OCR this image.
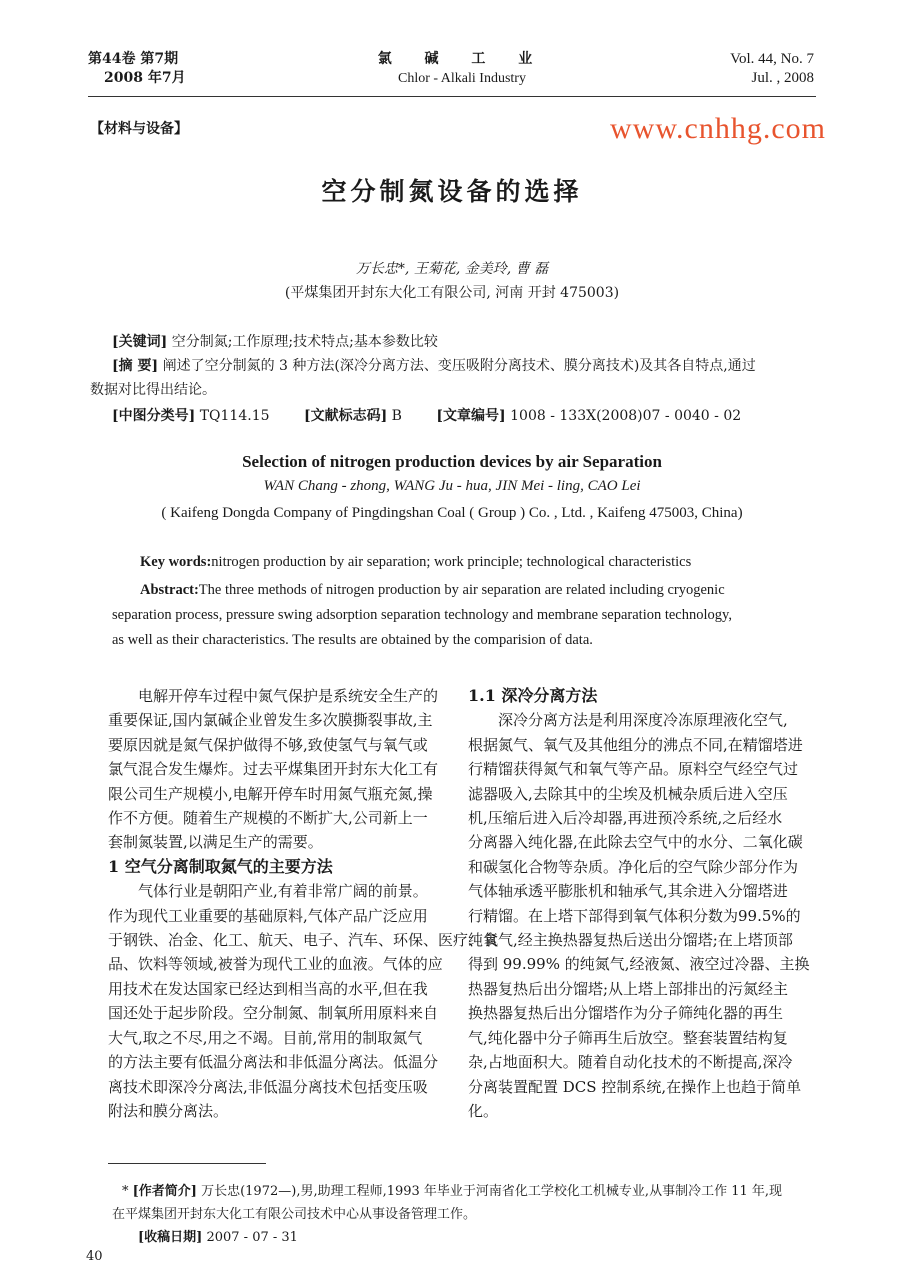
第44卷 第7期
2008 年7月
氯 碱 工 业
Chlor - Alkali Industry
Vol. 44, No. 7
Jul. , 2008
【材料与设备】	www.cnhhg.com
空分制氮设备的选择
万长忠*, 王菊花, 金美玲, 曹 磊
(平煤集团开封东大化工有限公司, 河南 开封 475003)
[关键词] 空分制氮;工作原理;技术特点;基本参数比较
[摘 要] 阐述了空分制氮的 3 种方法(深冷分离方法、变压吸附分离技术、膜分离技术)及其各自特点,通过
数据对比得出结论。
[中图分类号] TQ114.15 [文献标志码] B [文章编号] 1008 - 133X(2008)07 - 0040 - 02
Selection of nitrogen production devices by air Separation
WAN Chang - zhong, WANG Ju - hua, JIN Mei - ling, CAO Lei
( Kaifeng Dongda Company of Pingdingshan Coal ( Group ) Co. , Ltd. , Kaifeng 475003, China)
Key words:nitrogen production by air separation; work principle; technological characteristics
Abstract:The three methods of nitrogen production by air separation are related including cryogenic
separation process, pressure swing adsorption separation technology and membrane separation technology,
as well as their characteristics. The results are obtained by the comparision of data.
电解开停车过程中氮气保护是系统安全生产的
重要保证,国内氯碱企业曾发生多次膜撕裂事故,主
要原因就是氮气保护做得不够,致使氢气与氧气或
氯气混合发生爆炸。过去平煤集团开封东大化工有
限公司生产规模小,电解开停车时用氮气瓶充氮,操
作不方便。随着生产规模的不断扩大,公司新上一
套制氮装置,以满足生产的需要。
1 空气分离制取氮气的主要方法
气体行业是朝阳产业,有着非常广阔的前景。
作为现代工业重要的基础原料,气体产品广泛应用
于钢铁、冶金、化工、航天、电子、汽车、环保、医疗、食
品、饮料等领域,被誉为现代工业的血液。气体的应
用技术在发达国家已经达到相当高的水平,但在我
国还处于起步阶段。空分制氮、制氧所用原料来自
大气,取之不尽,用之不竭。目前,常用的制取氮气
的方法主要有低温分离法和非低温分离法。低温分
离技术即深冷分离法,非低温分离技术包括变压吸
附法和膜分离法。
1.1 深冷分离方法
深冷分离方法是利用深度冷冻原理液化空气,
根据氮气、氧气及其他组分的沸点不同,在精馏塔进
行精馏获得氮气和氧气等产品。原料空气经空气过
滤器吸入,去除其中的尘埃及机械杂质后进入空压
机,压缩后进入后冷却器,再进预冷系统,之后经水
分离器入纯化器,在此除去空气中的水分、二氧化碳
和碳氢化合物等杂质。净化后的空气除少部分作为
气体轴承透平膨胀机和轴承气,其余进入分馏塔进
行精馏。在上塔下部得到氧气体积分数为99.5%的
纯氧气,经主换热器复热后送出分馏塔;在上塔顶部
得到 99.99% 的纯氮气,经液氮、液空过冷器、主换
热器复热后出分馏塔;从上塔上部排出的污氮经主
换热器复热后出分馏塔作为分子筛纯化器的再生
气,纯化器中分子筛再生后放空。整套装置结构复
杂,占地面积大。随着自动化技术的不断提高,深冷
分离装置配置 DCS 控制系统,在操作上也趋于简单
化。
* [作者简介] 万长忠(1972—),男,助理工程师,1993 年毕业于河南省化工学校化工机械专业,从事制冷工作 11 年,现
在平煤集团开封东大化工有限公司技术中心从事设备管理工作。
[收稿日期] 2007 - 07 - 31
40
